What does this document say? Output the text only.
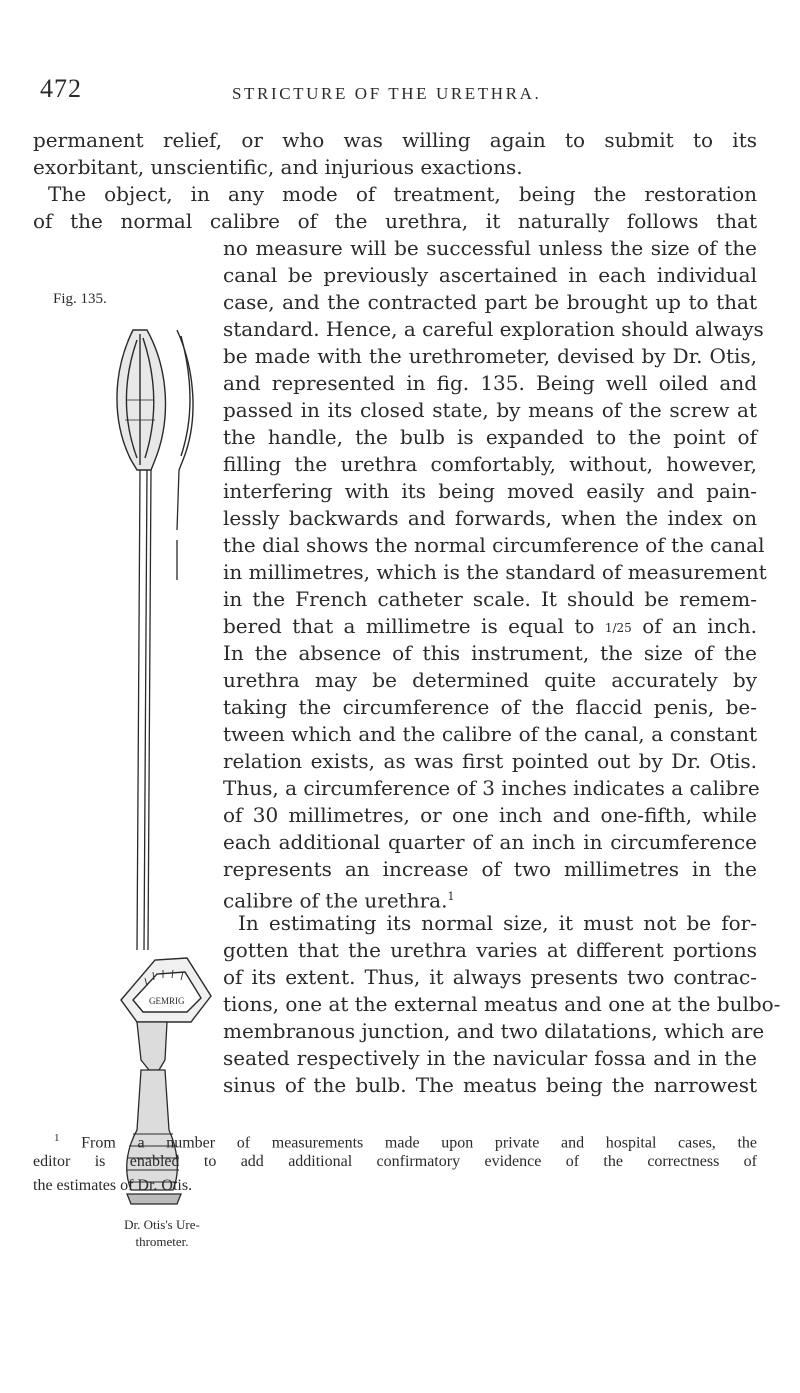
472	STRICTURE OF THE URETHRA.
permanent relief, or who was willing again to submit to its
exorbitant, unscientific, and injurious exactions.
The object, in any mode of treatment, being the restoration
of the normal calibre of the urethra, it naturally follows that
Fig. 135.
no measure will be successful unless the size of the
canal be previously ascertained in each individual
case, and the contracted part be brought up to that
standard. Hence, a careful exploration should always
be made with the urethrometer, devised by Dr. Otis,
and represented in fig. 135. Being well oiled and
passed in its closed state, by means of the screw at
the handle, the bulb is expanded to the point of
filling the urethra comfortably, without, however,
interfering with its being moved easily and pain-
lessly backwards and forwards, when the index on
the dial shows the normal circumference of the canal
in millimetres, which is the standard of measurement
in the French catheter scale. It should be remem-
bered that a millimetre is equal to 1/25 of an inch.
In the absence of this instrument, the size of the
urethra may be determined quite accurately by
taking the circumference of the flaccid penis, be-
tween which and the calibre of the canal, a constant
relation exists, as was first pointed out by Dr. Otis.
Thus, a circumference of 3 inches indicates a calibre
of 30 millimetres, or one inch and one-fifth, while
each additional quarter of an inch in circumference
represents an increase of two millimetres in the
calibre of the urethra.$^1$
In estimating its normal size, it must not be for-
gotten that the urethra varies at different portions
of its extent. Thus, it always presents two contrac-
tions, one at the external meatus and one at the bulbo-
membranous junction, and two dilatations, which are
seated respectively in the navicular fossa and in the
sinus of the bulb. The meatus being the narrowest
GEMRIG
Dr. Otis's Ure-
thrometer.
$^1$ From a number of measurements made upon private and hospital cases, the
editor is enabled to add additional confirmatory evidence of the correctness of
the estimates of Dr. Otis.
